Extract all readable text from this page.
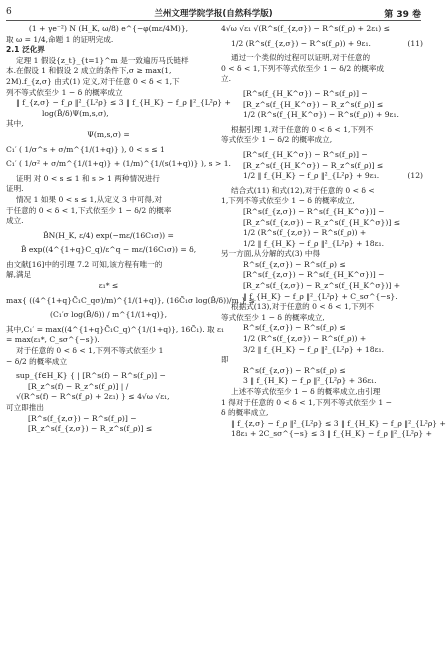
6	兰州文理学院学报(自然科学版)	第 39 卷
(1 + γe⁻²) N (H_K, ω/8) e^{−φ(mε/4M)},
取 ω = 1/4,命题 1 的证明完成.
2.1 泛化界
定理 1 假设{z_t}_{t=1}^m 是一致遍历马氏链样
本.在假设 1 和假设 2 成立的条件下,σ ≥ max(1,
2M).f_{z,σ} 由式(1) 定义,对于任意 0 < δ < 1,下
列不等式依至少 1 − δ 的概率成立
‖ f_{z,σ} − f_ρ ‖²_{L²ρ} ≤ 3 ‖ f_{H_K} − f_ρ ‖²_{L²ρ} +
log(B̂/δ)Ψ(m,s,σ),
其中,
Ψ(m,s,σ) =
C₁′ ( 1/σ^s + σ/m^{1/(1+q)} ), 0 < s ≤ 1
C₁′ ( 1/σ² + σ/m^{1/(1+q)} + (1/m)^{1/(s(1+q))} ), s > 1.
证明 对 0 < s ≤ 1 和 s > 1 两种情况进行
证明.
情况 1 如果 0 < s ≤ 1,从定义 3 中可得,对
于任意的 0 < δ < 1,下式依至少 1 − δ/2 的概率
成立.
B̂N(H_K, ε/4) exp(−mε/(16C₁σ)) =
B̂ exp((4^{1+q}C_q)/ε^q − mε/(16C₁σ)) = δ,
由文献[16]中的引理 7.2 可知,该方程有唯一的
解,满足
ε₁* ≤
max{ ((4^{1+q}C̃₁C_qσ)/m)^{1/(1+q)}, (16C̃₁σ log(B̂/δ))/m } ≤
(C₁′σ log(B̂/δ)) / m^{1/(1+q)},
其中,C₁′ = max((4^{1+q}C̃₁C_q)^{1/(1+q)}, 16C̃₁). 取 ε₁
= max(ε₁*, C_sσ^{−s}).
对于任意的 0 < δ < 1,下列不等式依至少 1
− δ/2 的概率成立
sup_{f∈H_K} { | [R^s(f) − R^s(f_ρ)] −
[R_z^s(f) − R_z^s(f_ρ)] | /
√(R^s(f) − R^s(f_ρ) + 2ε₁) } ≤ 4√ω √ε₁,
可立即推出
[R^s(f_{z,σ}) − R^s(f_ρ)] −
[R_z^s(f_{z,σ}) − R_z^s(f_ρ)] ≤
4√ω √ε₁ √(R^s(f_{z,σ}) − R^s(f_ρ) + 2ε₁) ≤
1/2 (R^s(f_{z,σ}) − R^s(f_ρ)) + 9ε₁.	(11)
通过一个类似的过程可以证明,对于任意的
0 < δ < 1,下列不等式依至少 1 − δ/2 的概率成
立.
[R^s(f_{H_K^σ}) − R^s(f_ρ)] −
[R_z^s(f_{H_K^σ}) − R_z^s(f_ρ)] ≤
1/2 (R^s(f_{H_K^σ}) − R^s(f_ρ)) + 9ε₁.
根据引理 1,对于任意的 0 < δ < 1,下列不
等式依至少 1 − δ/2 的概率成立,
[R^s(f_{H_K^σ}) − R^s(f_ρ)] −
[R_z^s(f_{H_K^σ}) − R_z^s(f_ρ)] ≤
1/2 ‖ f_{H_K} − f_ρ ‖²_{L²ρ} + 9ε₁.	(12)
结合式(11) 和式(12),对于任意的 0 < δ <
1,下列不等式依至少 1 − δ 的概率成立,
[R^s(f_{z,σ}) − R^s(f_{H_K^σ})] −
[R_z^s(f_{z,σ}) − R_z^s(f_{H_K^σ})] ≤
1/2 (R^s(f_{z,σ}) − R^s(f_ρ)) +
1/2 ‖ f_{H_K} − f_ρ ‖²_{L²ρ} + 18ε₁.
另一方面,从分解的式(3) 中得
R^s(f_{z,σ}) − R^s(f_ρ) ≤
[R^s(f_{z,σ}) − R^s(f_{H_K^σ})] −
[R_z^s(f_{z,σ}) − R_z^s(f_{H_K^σ})] +
‖ f_{H_K} − f_ρ ‖²_{L²ρ} + C_sσ^{−s}.
根据式(13),对于任意的 0 < δ < 1,下列不
等式依至少 1 − δ 的概率成立,
R^s(f_{z,σ}) − R^s(f_ρ) ≤
1/2 (R^s(f_{z,σ}) − R^s(f_ρ)) +
3/2 ‖ f_{H_K} − f_ρ ‖²_{L²ρ} + 18ε₁.
即
R^s(f_{z,σ}) − R^s(f_ρ) ≤
3 ‖ f_{H_K} − f_ρ ‖²_{L²ρ} + 36ε₁.
上述不等式依至少 1 − δ 的概率成立,由引理
1 得对于任意的 0 < δ < 1,下列不等式依至少 1 −
δ 的概率成立,
‖ f_{z,σ} − f_ρ ‖²_{L²ρ} ≤ 3 ‖ f_{H_K} − f_ρ ‖²_{L²ρ} +
18ε₁ + 2C_sσ^{−s} ≤ 3 ‖ f_{H_K} − f_ρ ‖²_{L²ρ} +
